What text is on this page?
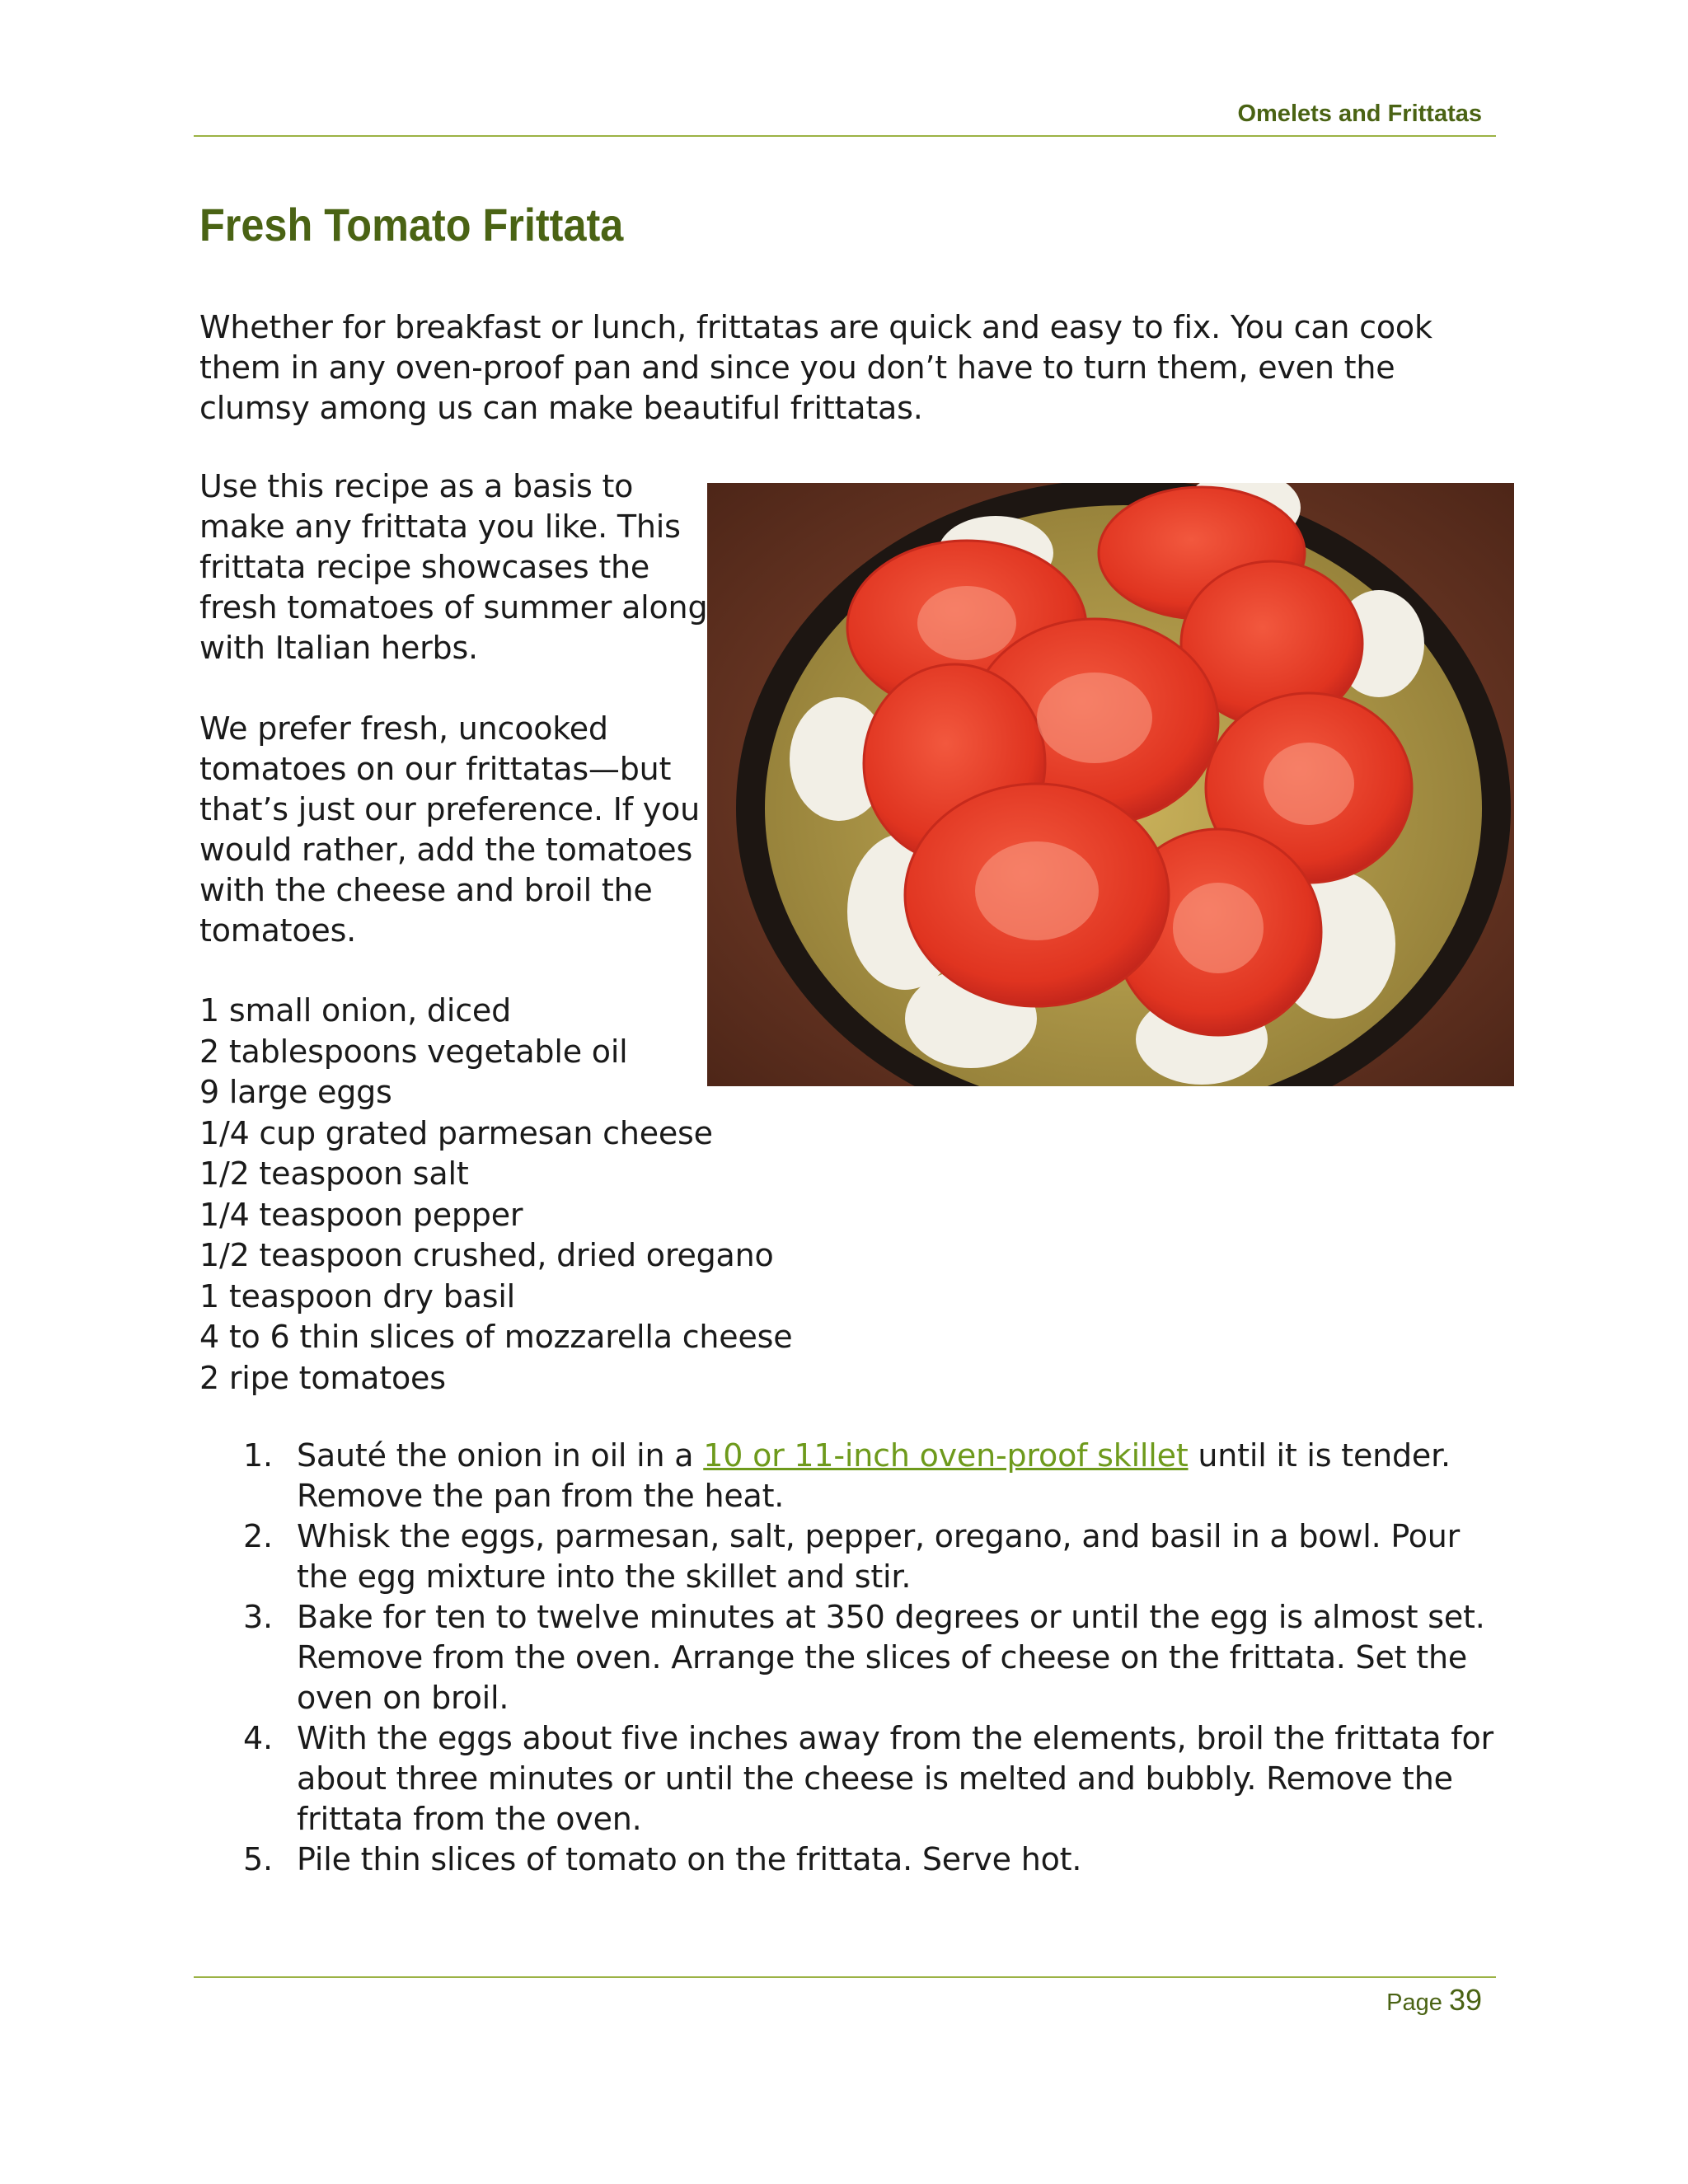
Omelets and Frittatas
Fresh Tomato Frittata

Whether for breakfast or lunch, frittatas are quick and easy to fix. You can cook them in any oven-proof pan and since you don’t have to turn them, even the clumsy among us can make beautiful frittatas.

Use this recipe as a basis to make any frittata you like. This frittata recipe showcases the fresh tomatoes of summer along with Italian herbs.

We prefer fresh, uncooked tomatoes on our frittatas—but that’s just our preference. If you would rather, add the tomatoes with the cheese and broil the tomatoes.

1 small onion, diced
2 tablespoons vegetable oil
9 large eggs
1/4 cup grated parmesan cheese
1/2 teaspoon salt
1/4 teaspoon pepper
1/2 teaspoon crushed, dried oregano
1 teaspoon dry basil
4 to 6 thin slices of mozzarella cheese
2 ripe tomatoes
1. Sauté the onion in oil in a 10 or 11-inch oven-proof skillet until it is tender. Remove the pan from the heat.
2. Whisk the eggs, parmesan, salt, pepper, oregano, and basil in a bowl. Pour the egg mixture into the skillet and stir.
3. Bake for ten to twelve minutes at 350 degrees or until the egg is almost set. Remove from the oven. Arrange the slices of cheese on the frittata. Set the oven on broil.
4. With the eggs about five inches away from the elements, broil the frittata for about three minutes or until the cheese is melted and bubbly. Remove the frittata from the oven.
5. Pile thin slices of tomato on the frittata. Serve hot.
Page 39
